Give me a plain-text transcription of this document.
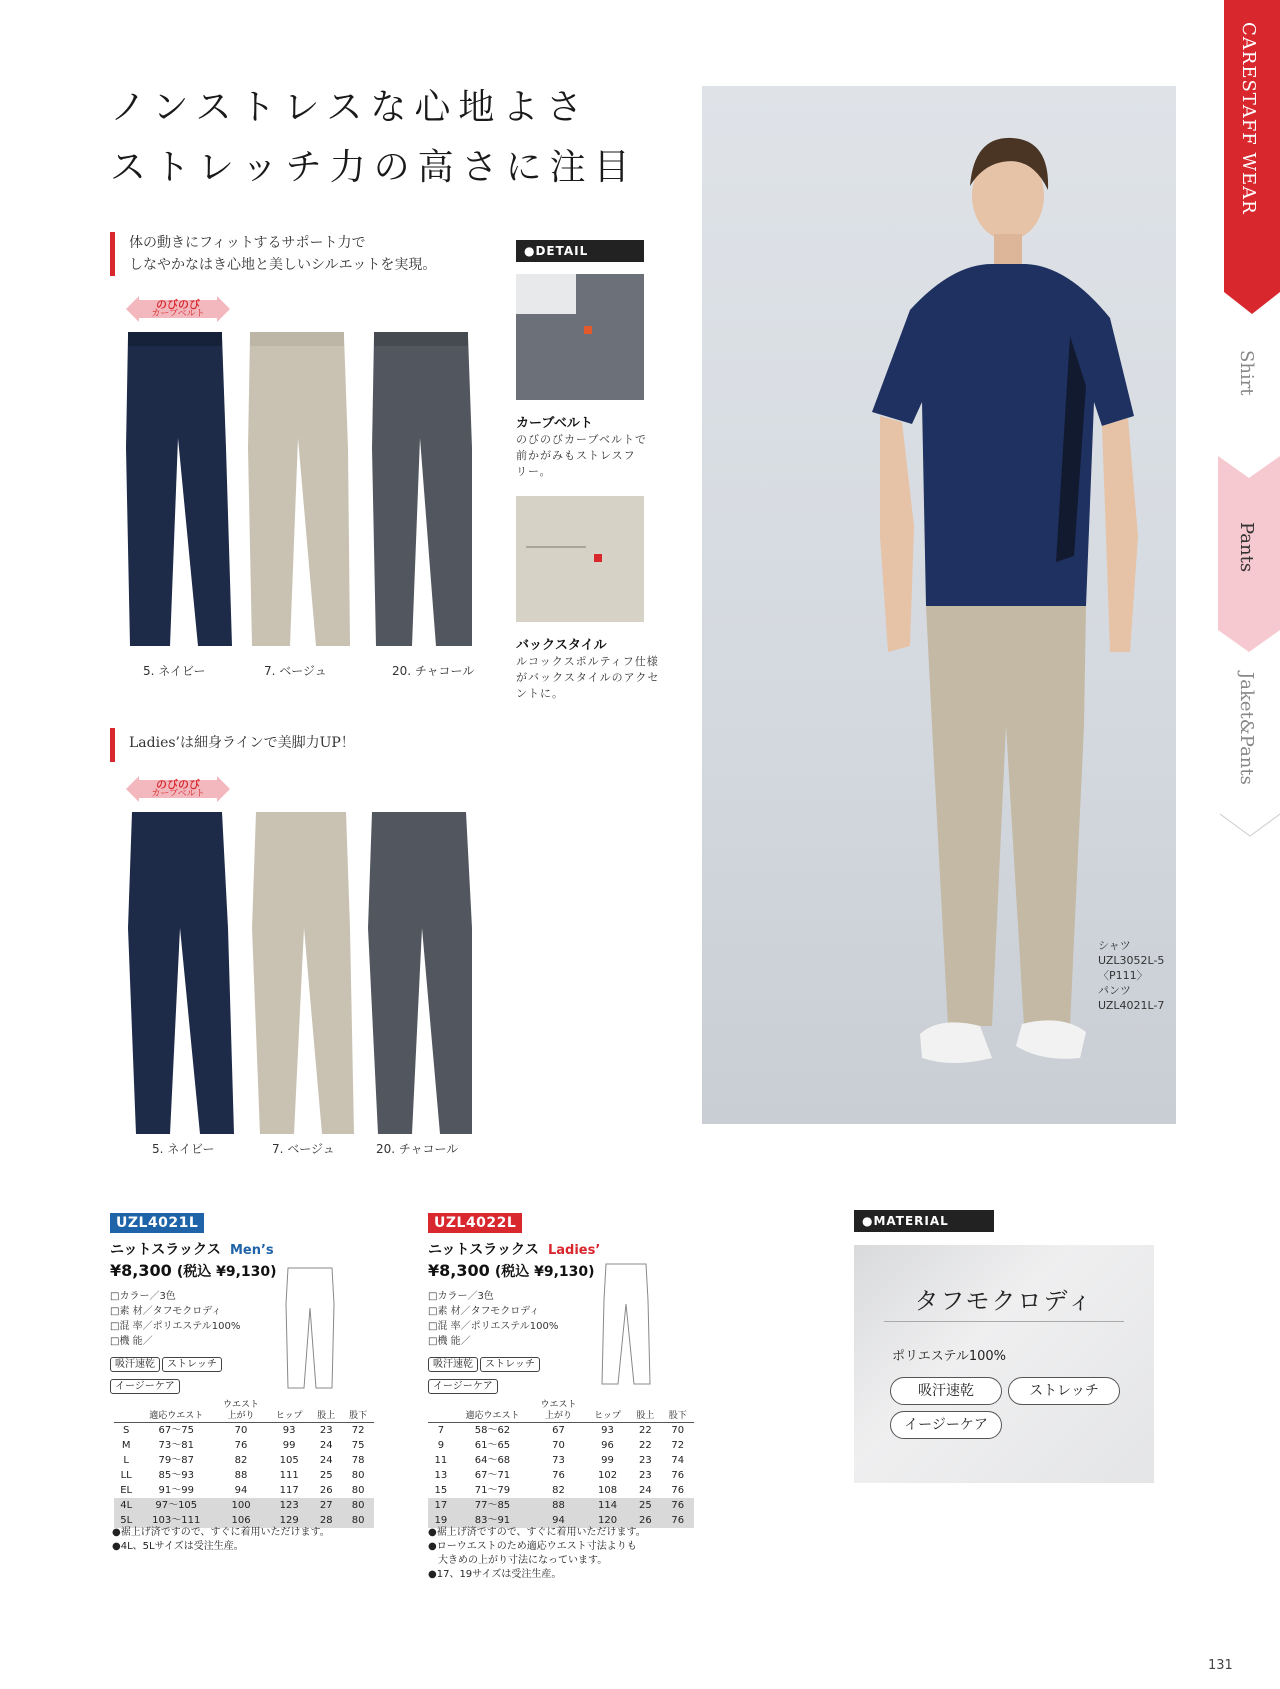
ノンストレスな心地よさ
ストレッチ力の高さに注目
体の動きにフィットするサポート力で
しなやかなはき心地と美しいシルエットを実現。
のびのび
カーブベルト
5. ネイビー	7. ベージュ	20. チャコール
Ladies’は細身ラインで美脚力UP！
のびのび
カーブベルト
5. ネイビー	7. ベージュ	20. チャコール
●DETAIL
カーブベルト
のびのびカーブベルトで
前かがみもストレスフ
リー。
バックスタイル
ルコックスポルティフ仕様
がバックスタイルのアクセ
ントに。
シャツ
UZL3052L-5
〈P111〉
パンツ
UZL4021L-7
CARESTAFF WEAR
Shirt
Pants
Jaket&Pants
UZL4021L
ニットスラックス Men’s
¥8,300 (税込 ¥9,130)
□カラー／3色
□素 材／タフモクロディ
□混 率／ポリエステル100%
□機 能／
吸汗速乾 ストレッチ
イージーケア
	適応ウエスト	ウエスト
上がり	ヒップ	股上	股下
S	67〜75	70	93	23	72
M	73〜81	76	99	24	75
L	79〜87	82	105	24	78
LL	85〜93	88	111	25	80
EL	91〜99	94	117	26	80
4L	97〜105	100	123	27	80
5L	103〜111	106	129	28	80
●裾上げ済ですので、すぐに着用いただけます。
●4L、5Lサイズは受注生産。
UZL4022L
ニットスラックス Ladies’
¥8,300 (税込 ¥9,130)
□カラー／3色
□素 材／タフモクロディ
□混 率／ポリエステル100%
□機 能／
吸汗速乾 ストレッチ
イージーケア
	適応ウエスト	ウエスト
上がり	ヒップ	股上	股下
7	58〜62	67	93	22	70
9	61〜65	70	96	22	72
11	64〜68	73	99	23	74
13	67〜71	76	102	23	76
15	71〜79	82	108	24	76
17	77〜85	88	114	25	76
19	83〜91	94	120	26	76
●裾上げ済ですので、すぐに着用いただけます。
●ローウエストのため適応ウエスト寸法よりも
大きめの上がり寸法になっています。
●17、19サイズは受注生産。
●MATERIAL
タフモクロディ
ポリエステル100%
吸汗速乾	ストレッチ
イージーケア
131
